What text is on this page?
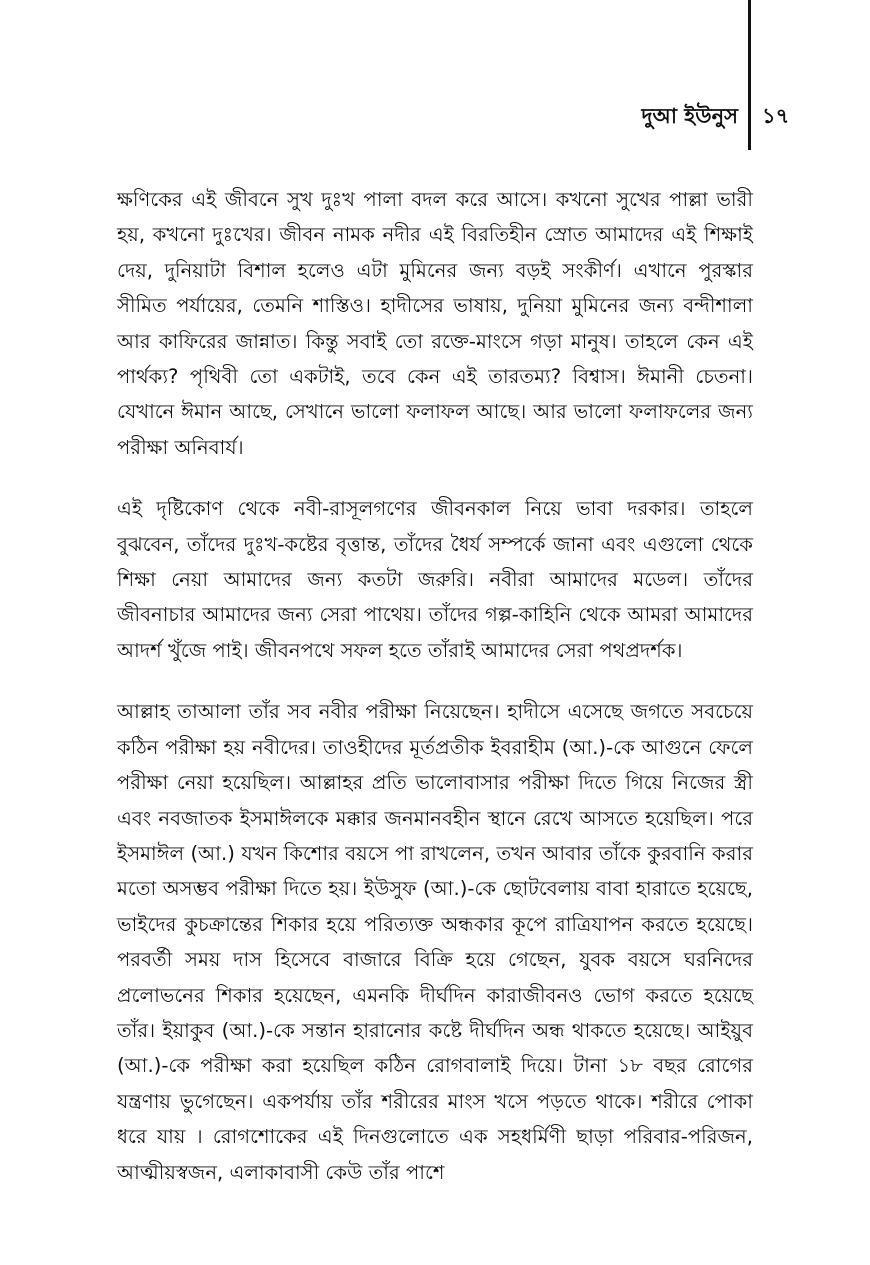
দুআ ইউনুস ১৭

ক্ষণিকের এই জীবনে সুখ দুঃখ পালা বদল করে আসে। কখনো সুখের পাল্লা ভারী হয়, কখনো দুঃখের। জীবন নামক নদীর এই বিরতিহীন স্রোত আমাদের এই শিক্ষাই দেয়, দুনিয়াটা বিশাল হলেও এটা মুমিনের জন্য বড়ই সংকীর্ণ। এখানে পুরস্কার সীমিত পর্যায়ের, তেমনি শাস্তিও। হাদীসের ভাষায়, দুনিয়া মুমিনের জন্য বন্দীশালা আর কাফিরের জান্নাত। কিন্তু সবাই তো রক্তে-মাংসে গড়া মানুষ। তাহলে কেন এই পার্থক্য? পৃথিবী তো একটাই, তবে কেন এই তারতম্য? বিশ্বাস। ঈমানী চেতনা। যেখানে ঈমান আছে, সেখানে ভালো ফলাফল আছে। আর ভালো ফলাফলের জন্য পরীক্ষা অনিবার্য।

এই দৃষ্টিকোণ থেকে নবী-রাসূলগণের জীবনকাল নিয়ে ভাবা দরকার। তাহলে বুঝবেন, তাঁদের দুঃখ-কষ্টের বৃত্তান্ত, তাঁদের ধৈর্য সম্পর্কে জানা এবং এগুলো থেকে শিক্ষা নেয়া আমাদের জন্য কতটা জরুরি। নবীরা আমাদের মডেল। তাঁদের জীবনাচার আমাদের জন্য সেরা পাথেয়। তাঁদের গল্প-কাহিনি থেকে আমরা আমাদের আদর্শ খুঁজে পাই। জীবনপথে সফল হতে তাঁরাই আমাদের সেরা পথপ্রদর্শক।

আল্লাহ তাআলা তাঁর সব নবীর পরীক্ষা নিয়েছেন। হাদীসে এসেছে জগতে সবচেয়ে কঠিন পরীক্ষা হয় নবীদের। তাওহীদের মূর্তপ্রতীক ইবরাহীম (আ.)-কে আগুনে ফেলে পরীক্ষা নেয়া হয়েছিল। আল্লাহর প্রতি ভালোবাসার পরীক্ষা দিতে গিয়ে নিজের স্ত্রী এবং নবজাতক ইসমাঈলকে মক্কার জনমানবহীন স্থানে রেখে আসতে হয়েছিল। পরে ইসমাঈল (আ.) যখন কিশোর বয়সে পা রাখলেন, তখন আবার তাঁকে কুরবানি করার মতো অসম্ভব পরীক্ষা দিতে হয়। ইউসুফ (আ.)-কে ছোটবেলায় বাবা হারাতে হয়েছে, ভাইদের কুচক্রান্তের শিকার হয়ে পরিত্যক্ত অন্ধকার কূপে রাত্রিযাপন করতে হয়েছে। পরবর্তী সময় দাস হিসেবে বাজারে বিক্রি হয়ে গেছেন, যুবক বয়সে ঘরনিদের প্রলোভনের শিকার হয়েছেন, এমনকি দীর্ঘদিন কারাজীবনও ভোগ করতে হয়েছে তাঁর। ইয়াকুব (আ.)-কে সন্তান হারানোর কষ্টে দীর্ঘদিন অন্ধ থাকতে হয়েছে। আইয়ুব (আ.)-কে পরীক্ষা করা হয়েছিল কঠিন রোগবালাই দিয়ে। টানা ১৮ বছর রোগের যন্ত্রণায় ভুগেছেন। একপর্যায় তাঁর শরীরের মাংস খসে পড়তে থাকে। শরীরে পোকা ধরে যায় । রোগশোকের এই দিনগুলোতে এক সহধর্মিণী ছাড়া পরিবার-পরিজন, আত্মীয়স্বজন, এলাকাবাসী কেউ তাঁর পাশে
